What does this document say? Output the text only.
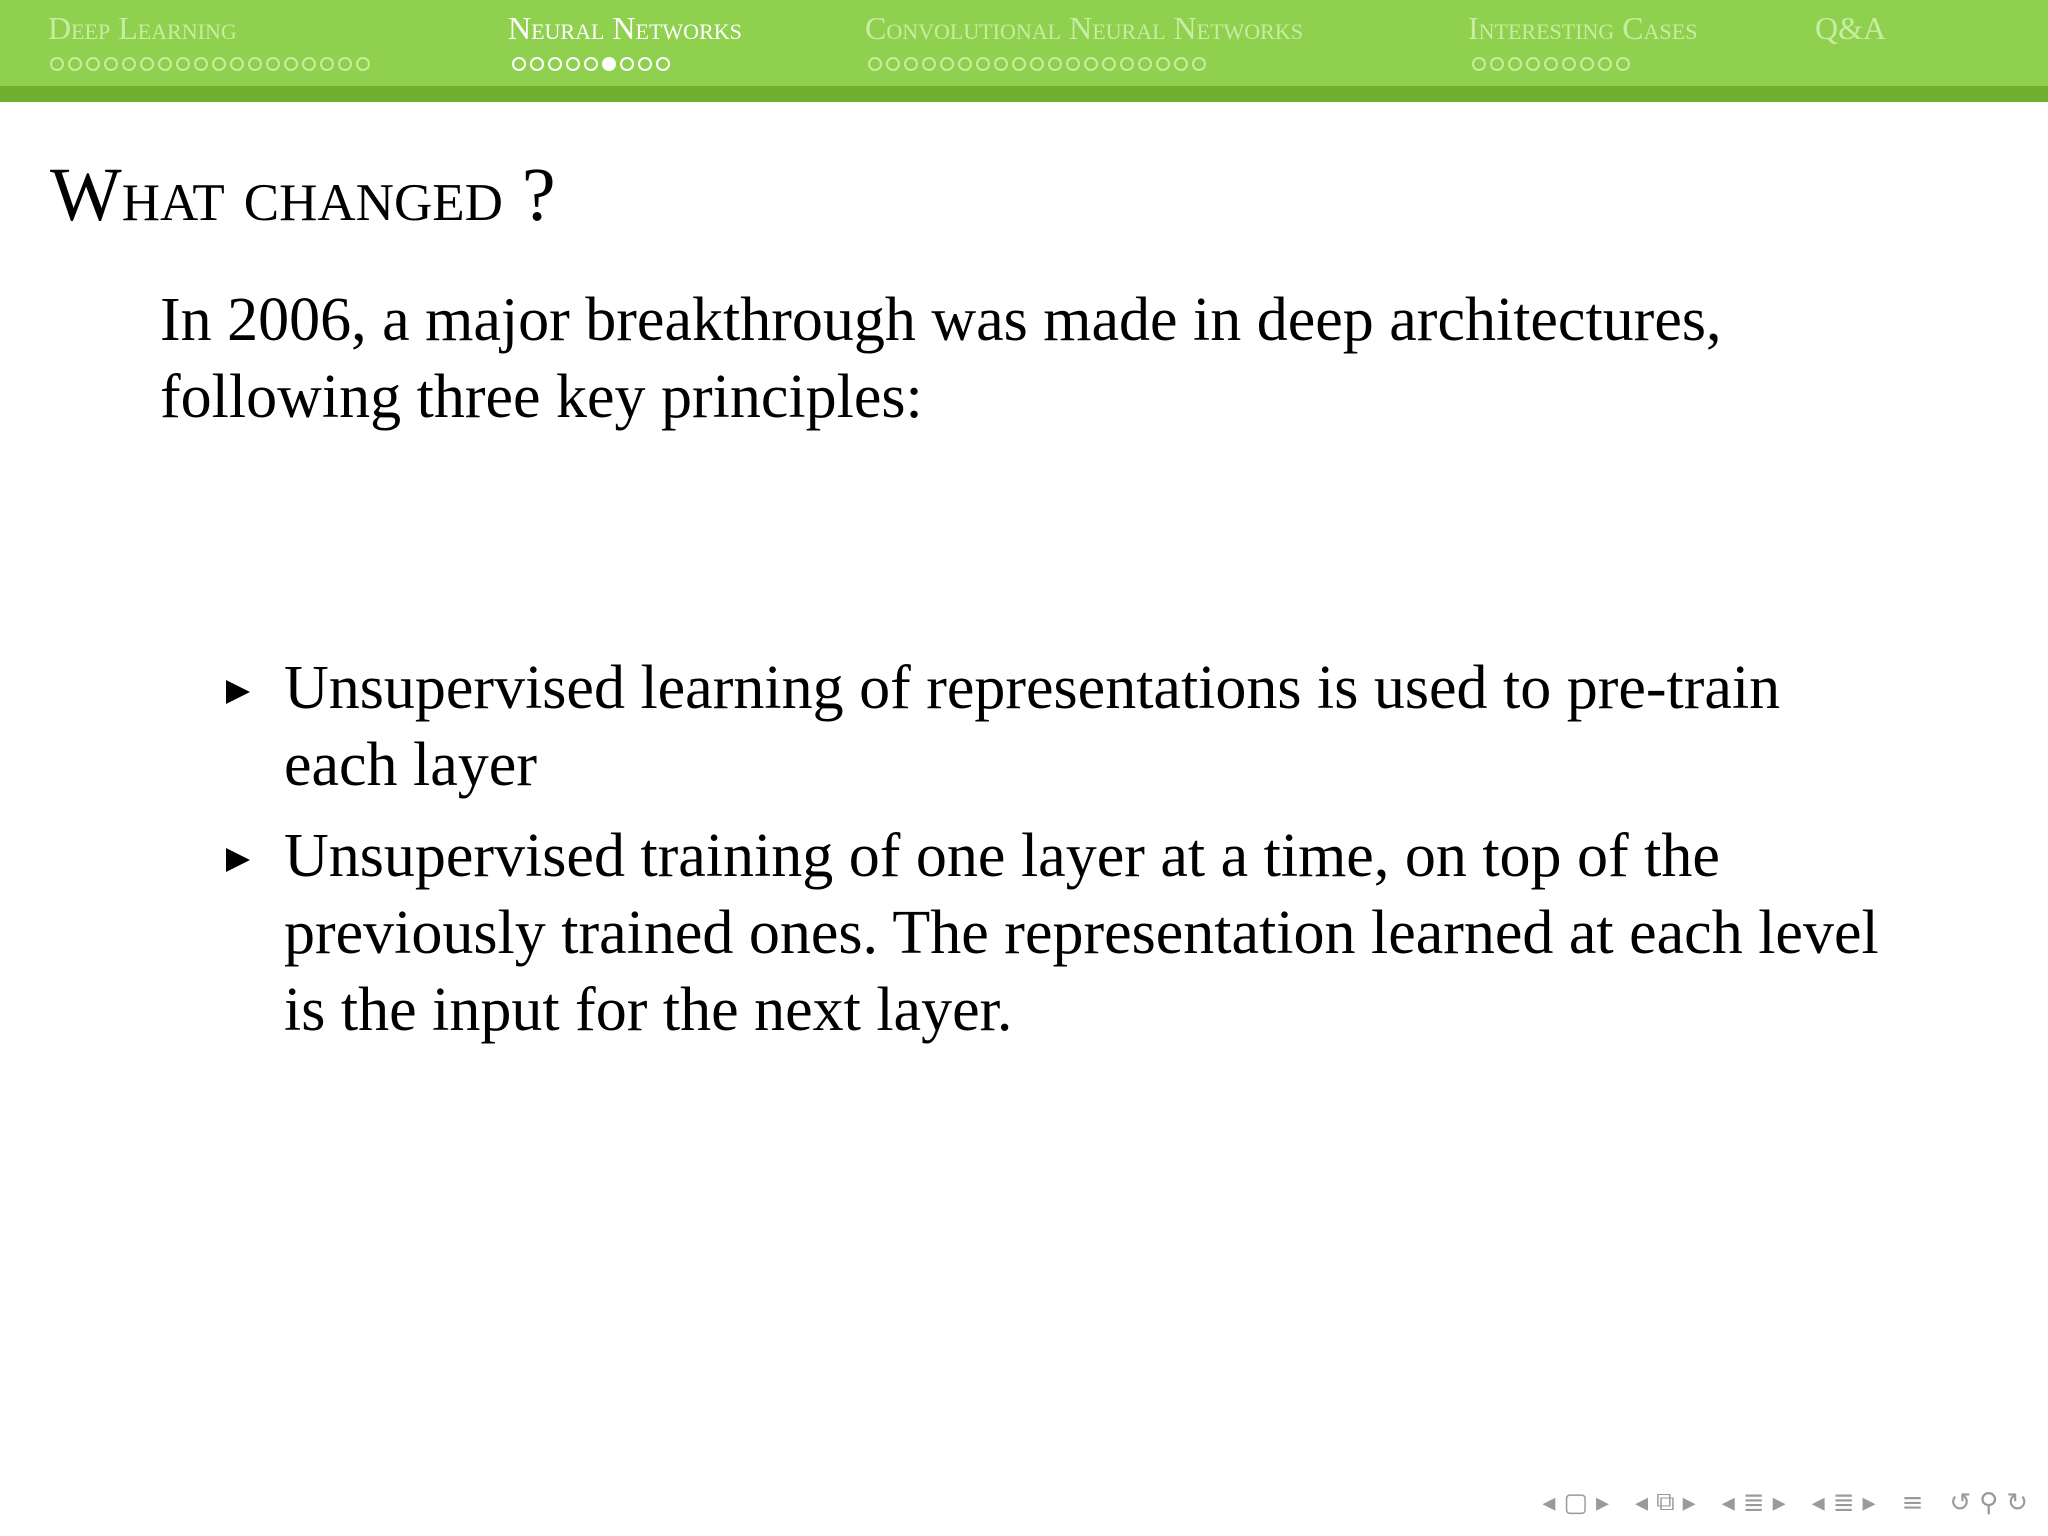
Deep Learning	Neural Networks	Convolutional Neural Networks	Interesting Cases	Q&A
What changed ?
In 2006, a major breakthrough was made in deep architectures, following three key principles:
Unsupervised learning of representations is used to pre-train each layer
Unsupervised training of one layer at a time, on top of the previously trained ones. The representation learned at each level is the input for the next layer.
◂ ▢ ▸ ◂ ⧉ ▸ ◂ ≣ ▸ ◂ ≣ ▸ ≡ ↺ ⚲ ↻
